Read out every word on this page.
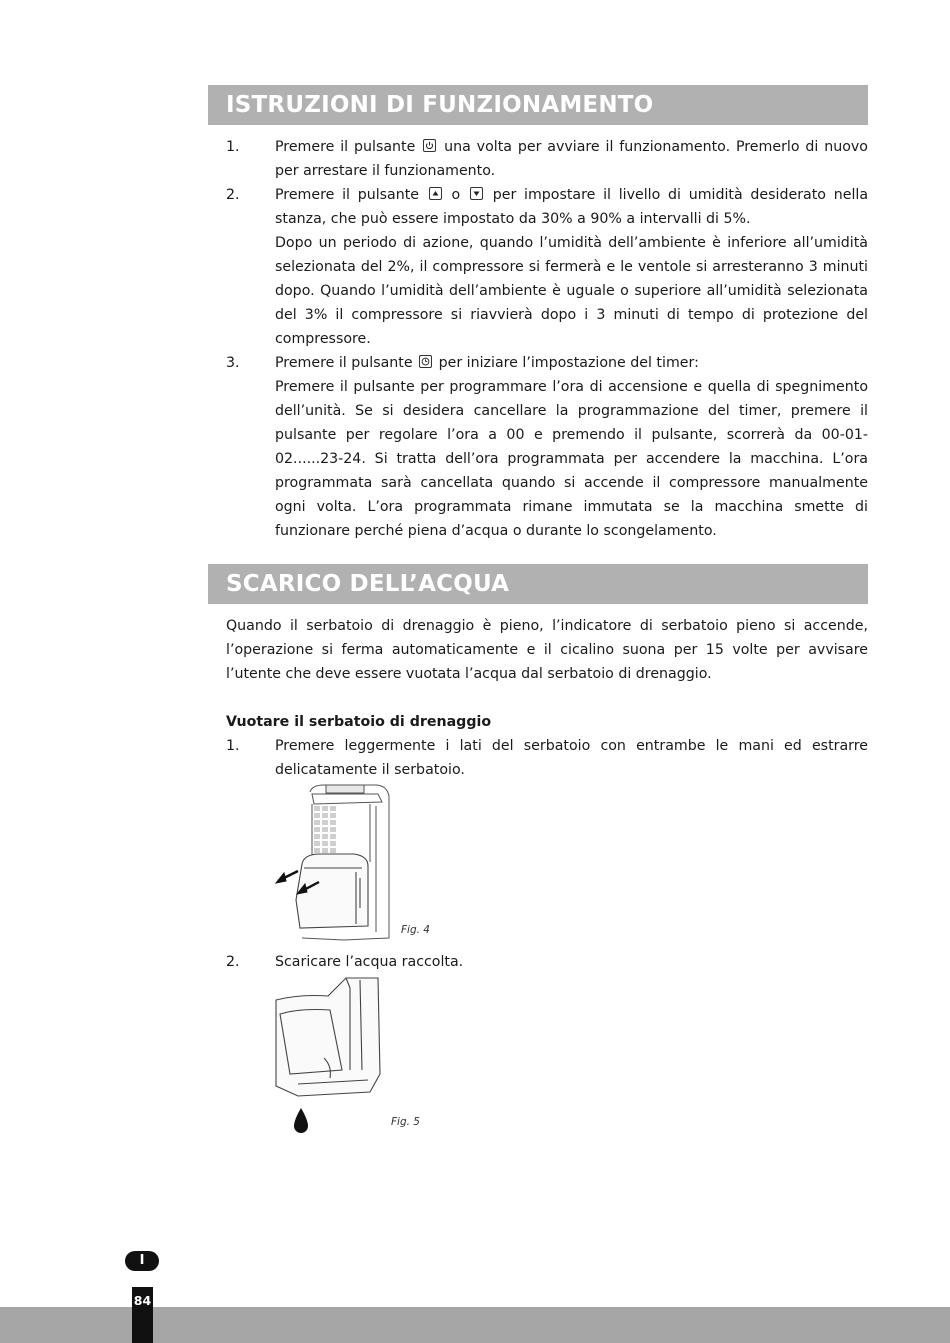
ISTRUZIONI DI FUNZIONAMENTO
1. Premere il pulsante una volta per avviare il funzionamento. Premerlo di nuovo per arrestare il funzionamento.

2. Premere il pulsante o per impostare il livello di umidità desiderato nella stanza, che può essere impostato da 30% a 90% a intervalli di 5%.

Dopo un periodo di azione, quando l’umidità dell’ambiente è inferiore all’umidità selezionata del 2%, il compressore si fermerà e le ventole si arresteranno 3 minuti dopo. Quando l’umidità dell’ambiente è uguale o superiore all’umidità selezionata del 3% il compressore si riavvierà dopo i 3 minuti di tempo di protezione del compressore.

3. Premere il pulsante per iniziare l’impostazione del timer:

Premere il pulsante per programmare l’ora di accensione e quella di spegnimento dell’unità. Se si desidera cancellare la programmazione del timer, premere il pulsante per regolare l’ora a 00 e premendo il pulsante, scorrerà da 00-01-02......23-24. Si tratta dell’ora programmata per accendere la macchina. L’ora programmata sarà cancellata quando si accende il compressore manualmente ogni volta. L’ora programmata rimane immutata se la macchina smette di funzionare perché piena d’acqua o durante lo scongelamento.

SCARICO DELL’ACQUA

Quando il serbatoio di drenaggio è pieno, l’indicatore di serbatoio pieno si accende, l’operazione si ferma automaticamente e il cicalino suona per 15 volte per avvisare l’utente che deve essere vuotata l’acqua dal serbatoio di drenaggio.

Vuotare il serbatoio di drenaggio
1. Premere leggermente i lati del serbatoio con entrambe le mani ed estrarre delicatamente il serbatoio.

Fig. 4
2. Scaricare l’acqua raccolta.

Fig. 5
I
84
